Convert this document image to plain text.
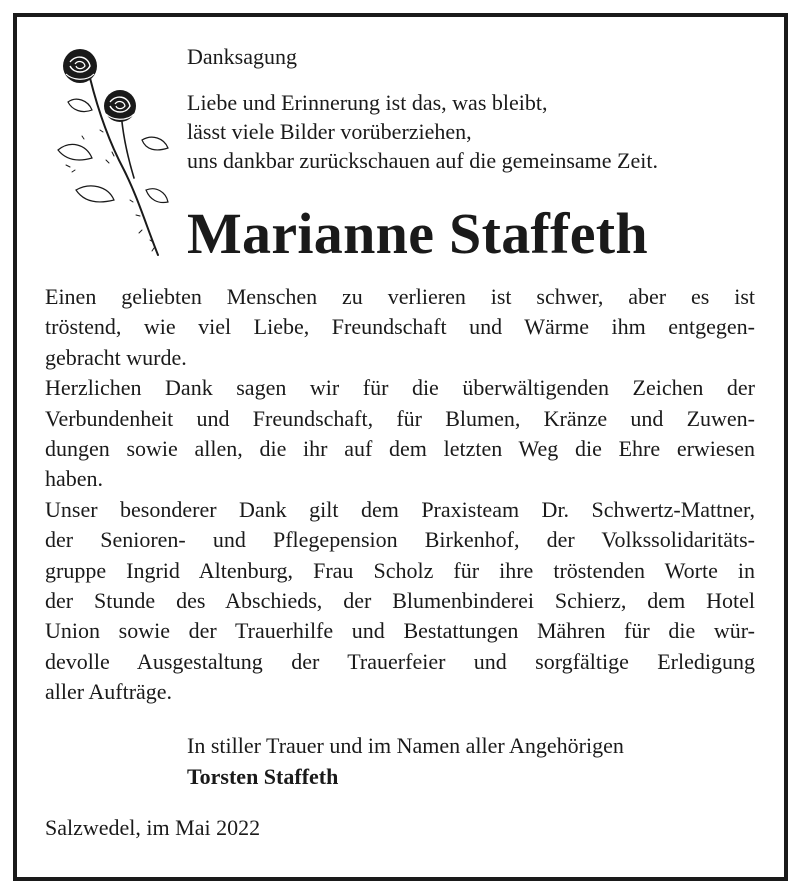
Danksagung

Liebe und Erinnerung ist das, was bleibt,
lässt viele Bilder vorüberziehen,
uns dankbar zurückschauen auf die gemeinsame Zeit.
Marianne Staffeth
Einen geliebten Menschen zu verlieren ist schwer, aber es ist
tröstend, wie viel Liebe, Freundschaft und Wärme ihm entgegen-
gebracht wurde.
Herzlichen Dank sagen wir für die überwältigenden Zeichen der
Verbundenheit und Freundschaft, für Blumen, Kränze und Zuwen-
dungen sowie allen, die ihr auf dem letzten Weg die Ehre erwiesen
haben.
Unser besonderer Dank gilt dem Praxisteam Dr. Schwertz-Mattner,
der Senioren- und Pflegepension Birkenhof, der Volkssolidaritäts-
gruppe Ingrid Altenburg, Frau Scholz für ihre tröstenden Worte in
der Stunde des Abschieds, der Blumenbinderei Schierz, dem Hotel
Union sowie der Trauerhilfe und Bestattungen Mähren für die wür-
devolle Ausgestaltung der Trauerfeier und sorgfältige Erledigung
aller Aufträge.
In stiller Trauer und im Namen aller Angehörigen
Torsten Staffeth

Salzwedel, im Mai 2022
